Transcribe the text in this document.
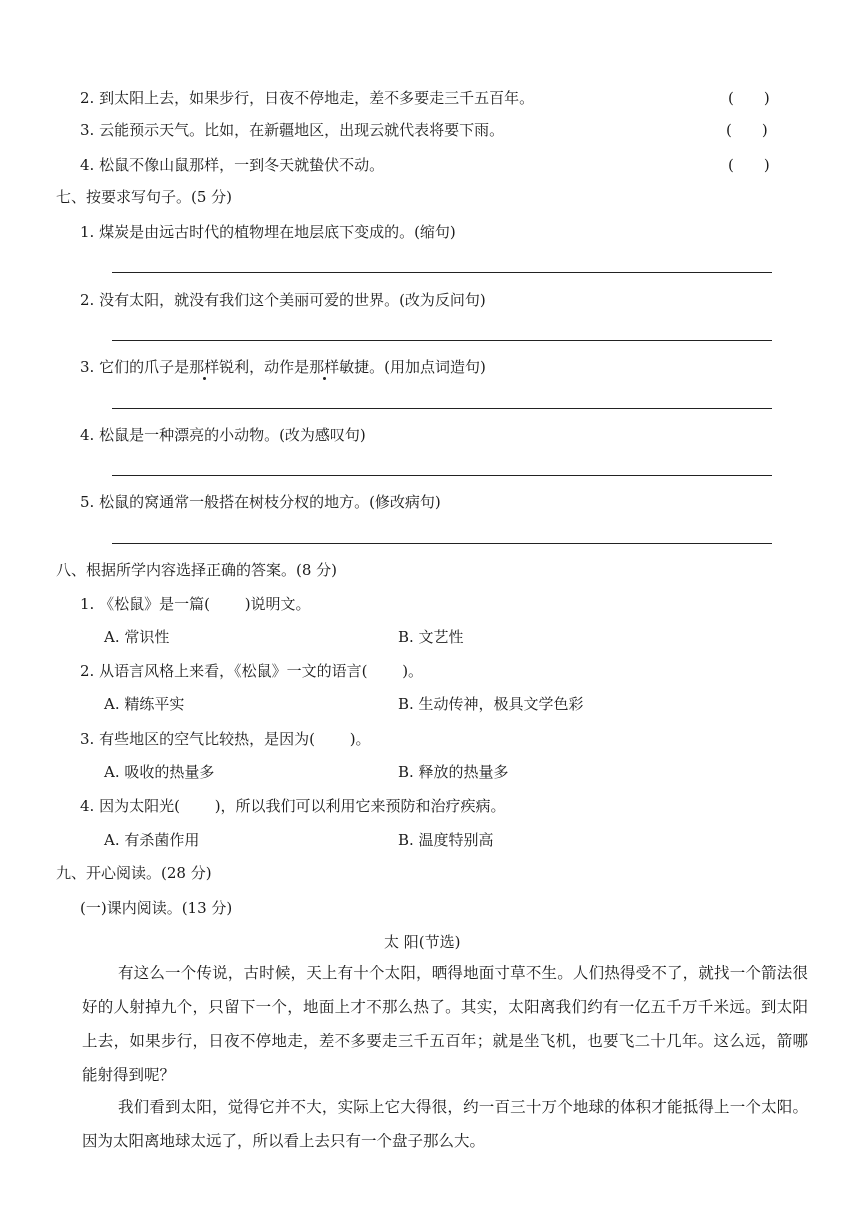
2. 到太阳上去，如果步行，日夜不停地走，差不多要走三千五百年。	(　　)
3. 云能预示天气。比如，在新疆地区，出现云就代表将要下雨。	(　　)
4. 松鼠不像山鼠那样，一到冬天就蛰伏不动。	(　　)
七、按要求写句子。(5 分)
1. 煤炭是由远古时代的植物埋在地层底下变成的。(缩句)
2. 没有太阳，就没有我们这个美丽可爱的世界。(改为反问句)
3. 它们的爪子是那样锐利，动作是那样敏捷。(用加点词造句)
4. 松鼠是一种漂亮的小动物。(改为感叹句)
5. 松鼠的窝通常一般搭在树枝分杈的地方。(修改病句)
八、根据所学内容选择正确的答案。(8 分)
1. 《松鼠》是一篇(　　 )说明文。
A. 常识性	B. 文艺性
2. 从语言风格上来看，《松鼠》一文的语言(　　 )。
A. 精练平实	B. 生动传神，极具文学色彩
3. 有些地区的空气比较热，是因为(　　 )。
A. 吸收的热量多	B. 释放的热量多
4. 因为太阳光(　　 )，所以我们可以利用它来预防和治疗疾病。
A. 有杀菌作用	B. 温度特别高
九、开心阅读。(28 分)
(一)课内阅读。(13 分)
太 阳(节选)
有这么一个传说，古时候，天上有十个太阳，晒得地面寸草不生。人们热得受不了，就找一个箭法很好的人射掉九个，只留下一个，地面上才不那么热了。其实，太阳离我们约有一亿五千万千米远。到太阳上去，如果步行，日夜不停地走，差不多要走三千五百年；就是坐飞机，也要飞二十几年。这么远，箭哪能射得到呢？
我们看到太阳，觉得它并不大，实际上它大得很，约一百三十万个地球的体积才能抵得上一个太阳。因为太阳离地球太远了，所以看上去只有一个盘子那么大。
